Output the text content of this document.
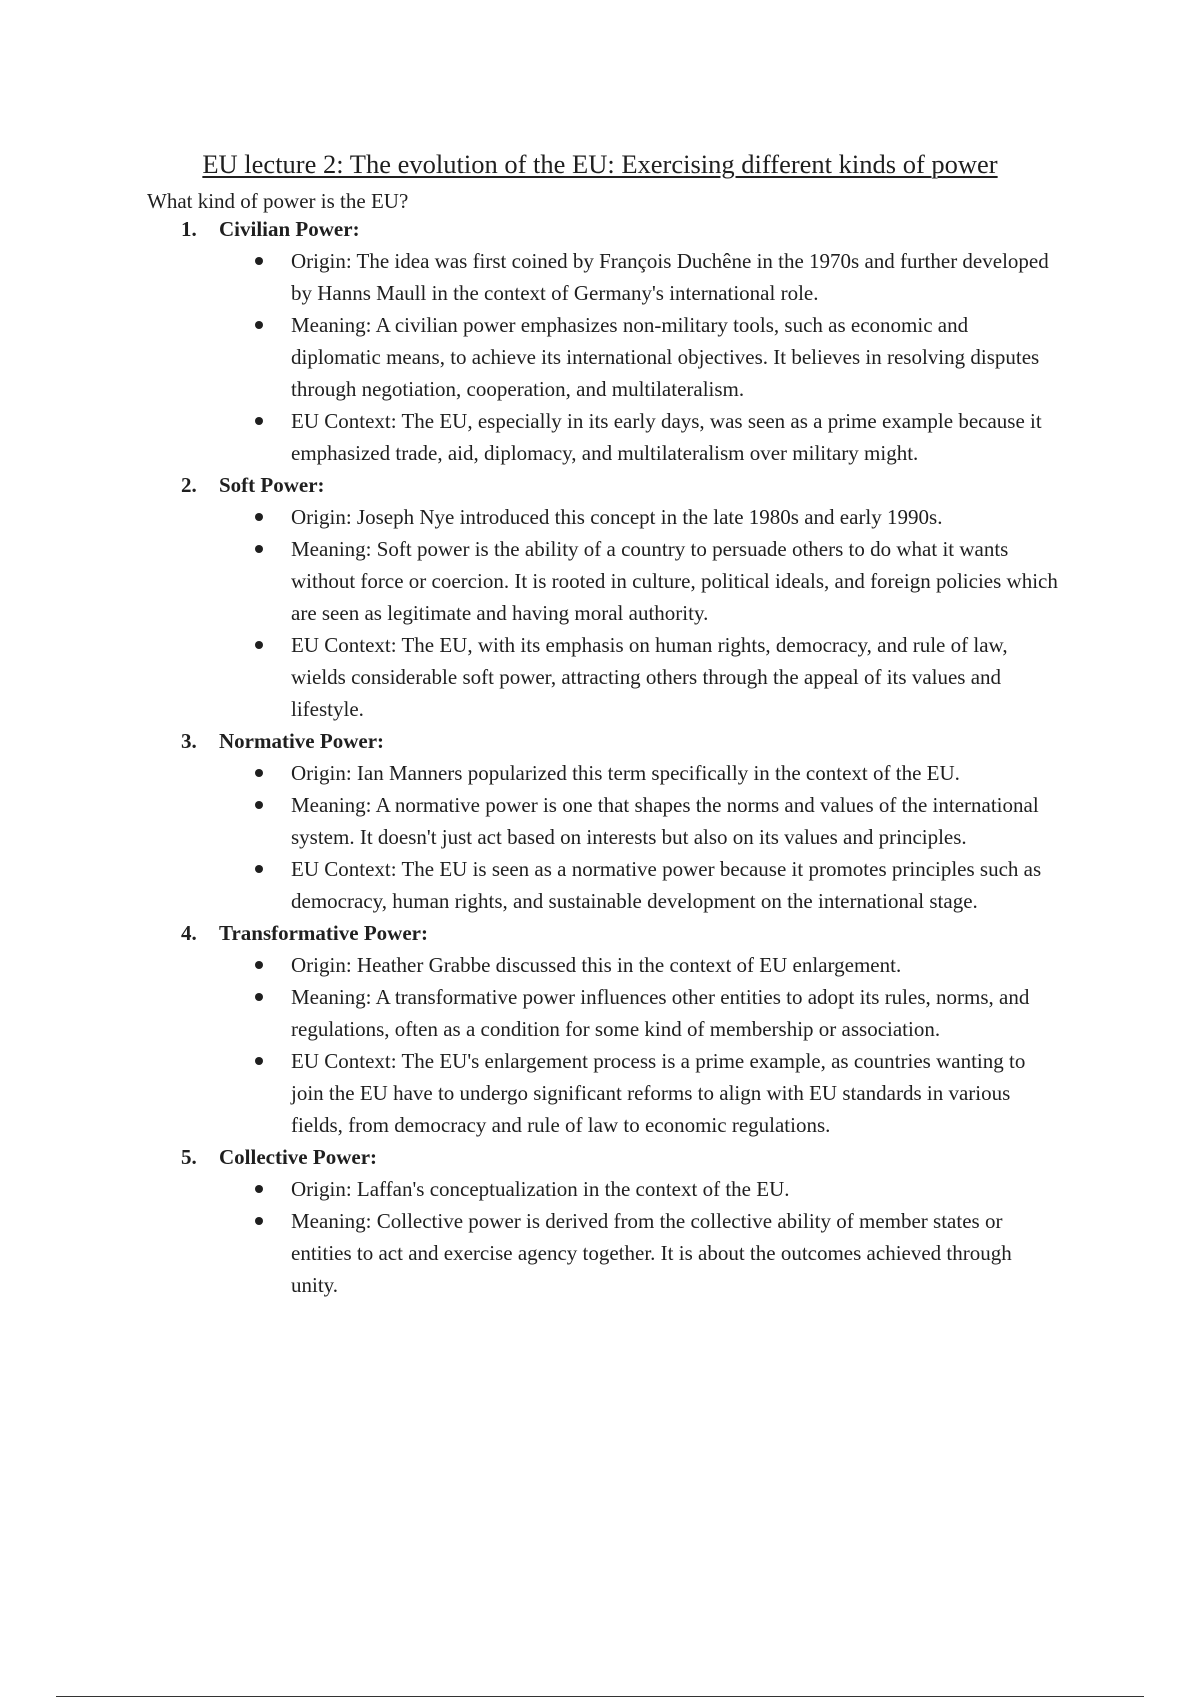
EU lecture 2: The evolution of the EU: Exercising different kinds of power

What kind of power is the EU?

1.	Civilian Power:
Origin: The idea was first coined by François Duchêne in the 1970s and further developed by Hanns Maull in the context of Germany's international role.
Meaning: A civilian power emphasizes non-military tools, such as economic and diplomatic means, to achieve its international objectives. It believes in resolving disputes through negotiation, cooperation, and multilateralism.
EU Context: The EU, especially in its early days, was seen as a prime example because it emphasized trade, aid, diplomacy, and multilateralism over military might.
2.	Soft Power:
Origin: Joseph Nye introduced this concept in the late 1980s and early 1990s.
Meaning: Soft power is the ability of a country to persuade others to do what it wants without force or coercion. It is rooted in culture, political ideals, and foreign policies which are seen as legitimate and having moral authority.
EU Context: The EU, with its emphasis on human rights, democracy, and rule of law, wields considerable soft power, attracting others through the appeal of its values and lifestyle.
3.	Normative Power:
Origin: Ian Manners popularized this term specifically in the context of the EU.
Meaning: A normative power is one that shapes the norms and values of the international system. It doesn't just act based on interests but also on its values and principles.
EU Context: The EU is seen as a normative power because it promotes principles such as democracy, human rights, and sustainable development on the international stage.
4.	Transformative Power:
Origin: Heather Grabbe discussed this in the context of EU enlargement.
Meaning: A transformative power influences other entities to adopt its rules, norms, and regulations, often as a condition for some kind of membership or association.
EU Context: The EU's enlargement process is a prime example, as countries wanting to join the EU have to undergo significant reforms to align with EU standards in various fields, from democracy and rule of law to economic regulations.
5.	Collective Power:
Origin: Laffan's conceptualization in the context of the EU.
Meaning: Collective power is derived from the collective ability of member states or entities to act and exercise agency together. It is about the outcomes achieved through unity.
